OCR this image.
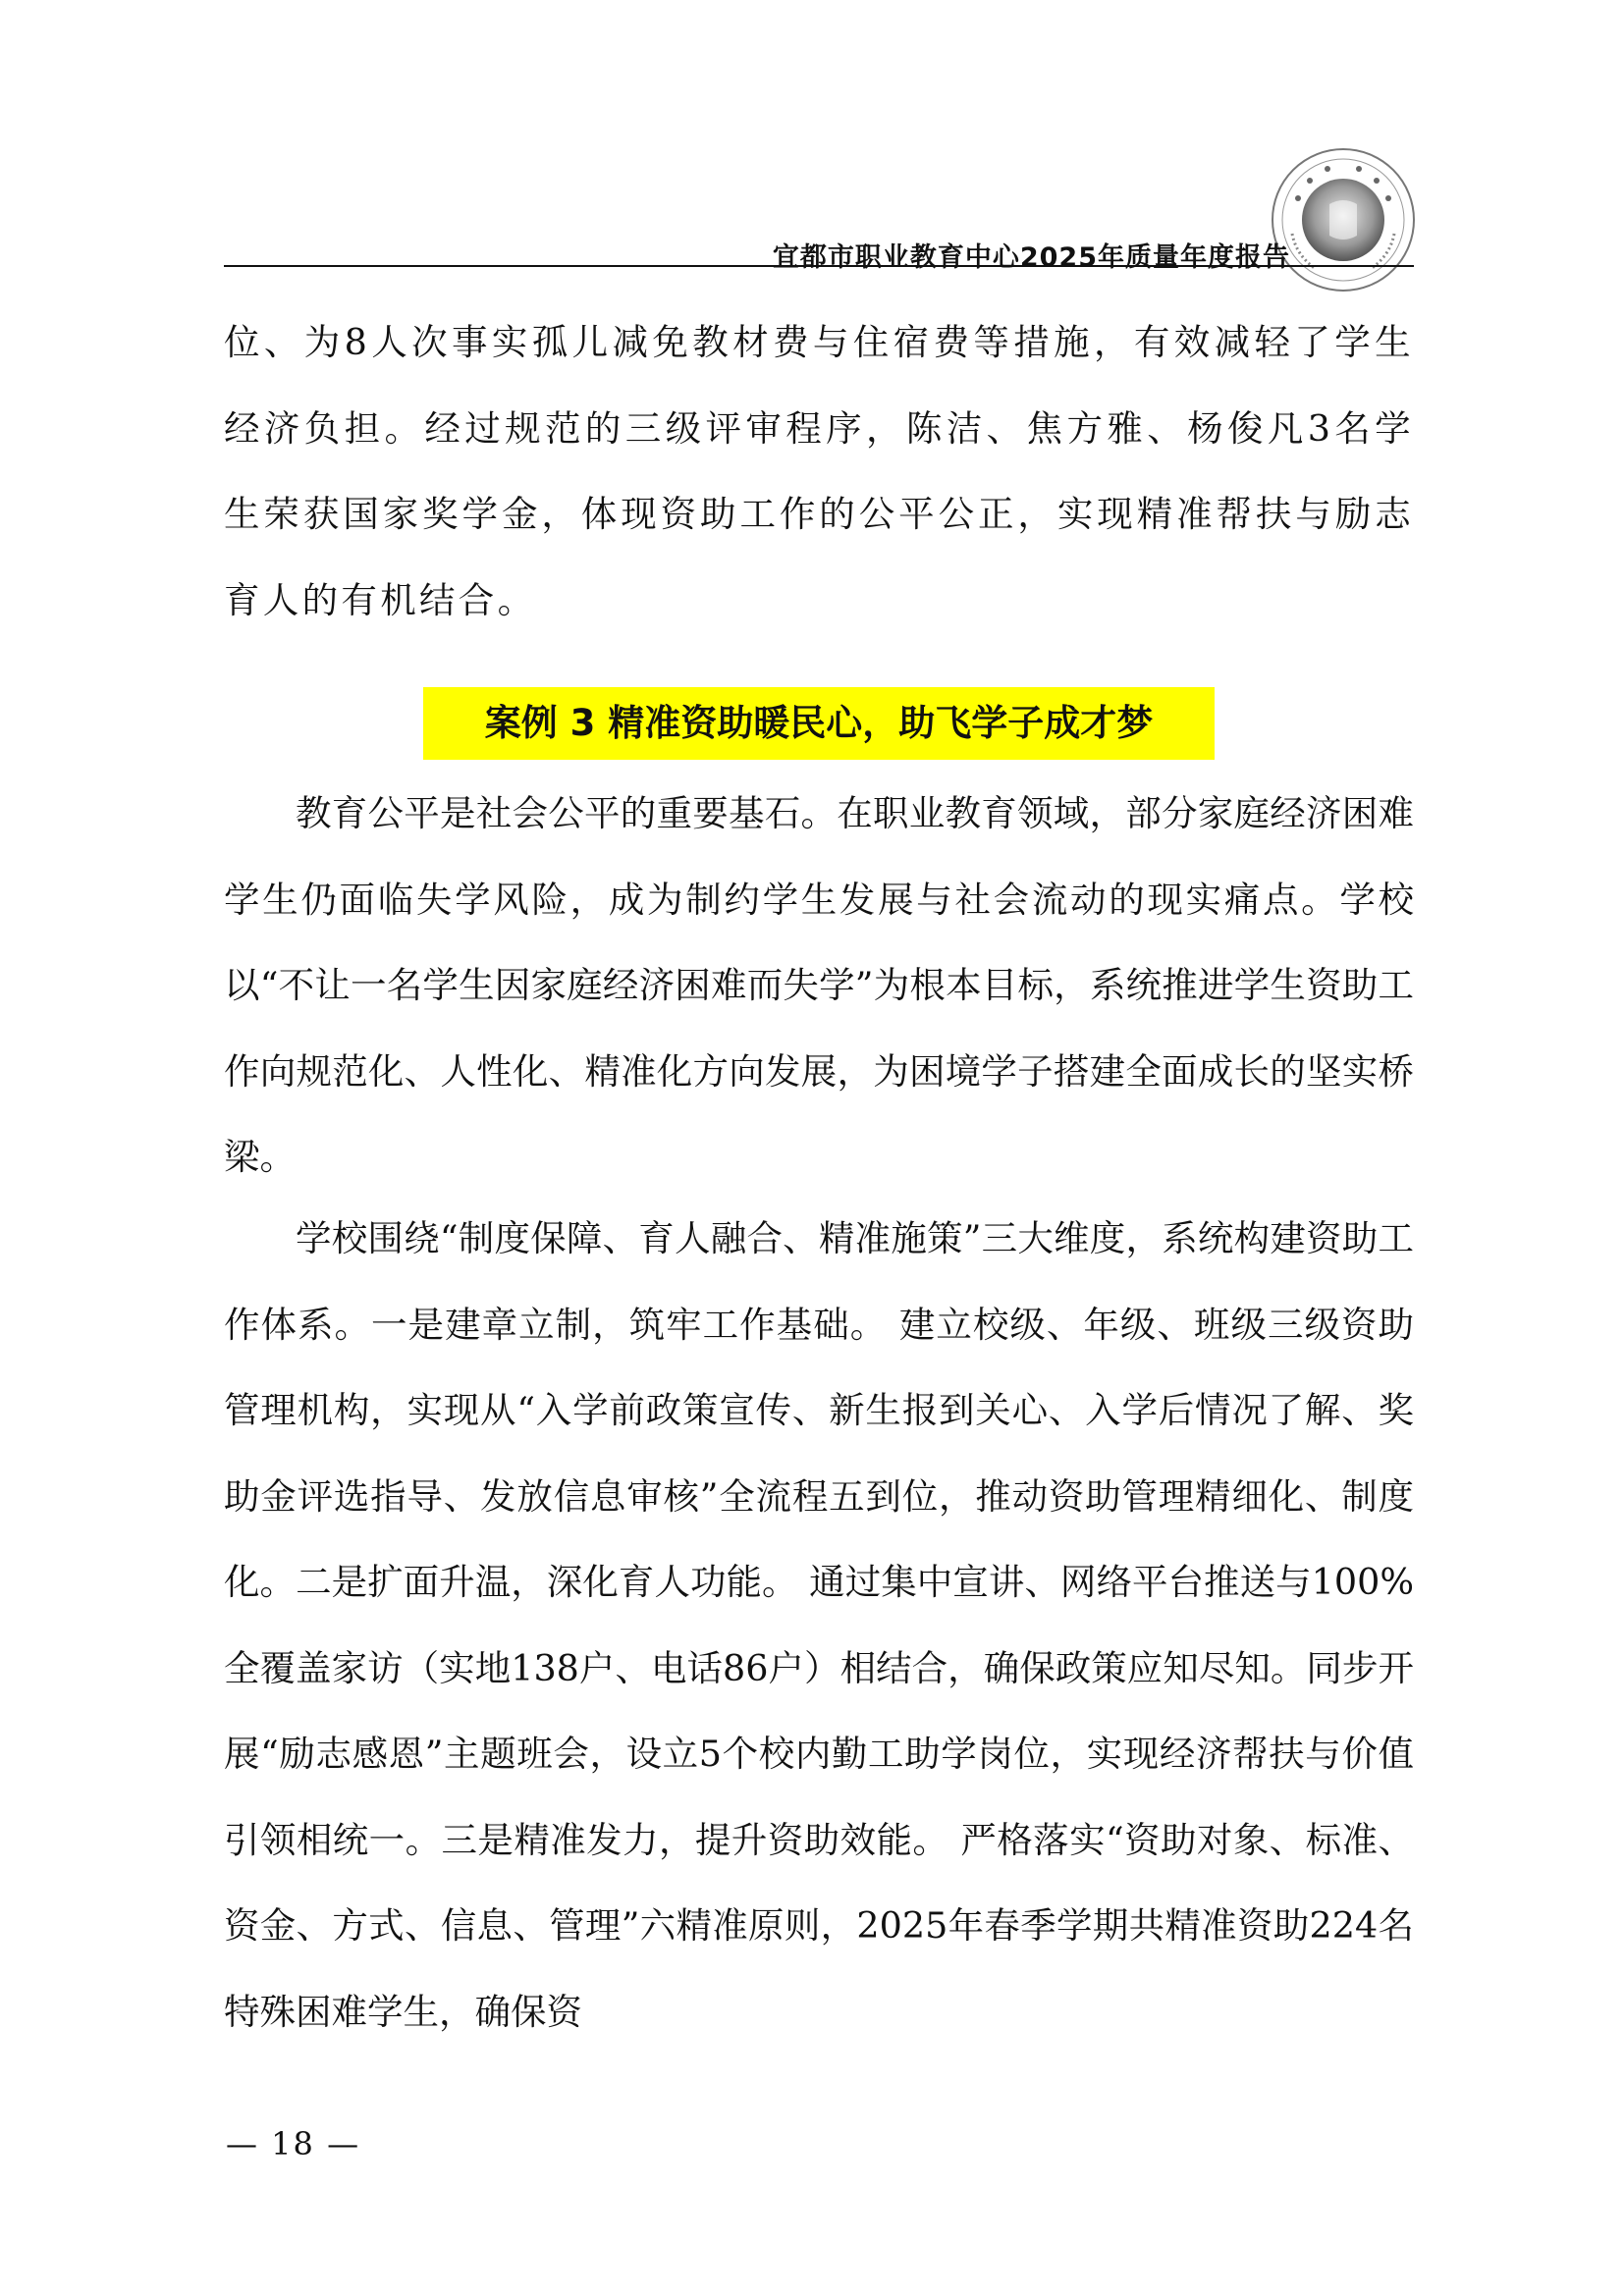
宜都市职业教育中心2025年质量年度报告

位、为8人次事实孤儿减免教材费与住宿费等措施，有效减轻了学生经济负担。经过规范的三级评审程序，陈洁、焦方雅、杨俊凡3名学生荣获国家奖学金，体现资助工作的公平公正，实现精准帮扶与励志育人的有机结合。

案例 3 精准资助暖民心，助飞学子成才梦

教育公平是社会公平的重要基石。在职业教育领域，部分家庭经济困难学生仍面临失学风险，成为制约学生发展与社会流动的现实痛点。学校以“不让一名学生因家庭经济困难而失学”为根本目标，系统推进学生资助工作向规范化、人性化、精准化方向发展，为困境学子搭建全面成长的坚实桥梁。

学校围绕“制度保障、育人融合、精准施策”三大维度，系统构建资助工作体系。一是建章立制，筑牢工作基础。 建立校级、年级、班级三级资助管理机构，实现从“入学前政策宣传、新生报到关心、入学后情况了解、奖助金评选指导、发放信息审核”全流程五到位，推动资助管理精细化、制度化。二是扩面升温，深化育人功能。 通过集中宣讲、网络平台推送与100%全覆盖家访（实地138户、电话86户）相结合，确保政策应知尽知。同步开展“励志感恩”主题班会，设立5个校内勤工助学岗位，实现经济帮扶与价值引领相统一。三是精准发力，提升资助效能。 严格落实“资助对象、标准、资金、方式、信息、管理”六精准原则，2025年春季学期共精准资助224名特殊困难学生，确保资

— 18 —
